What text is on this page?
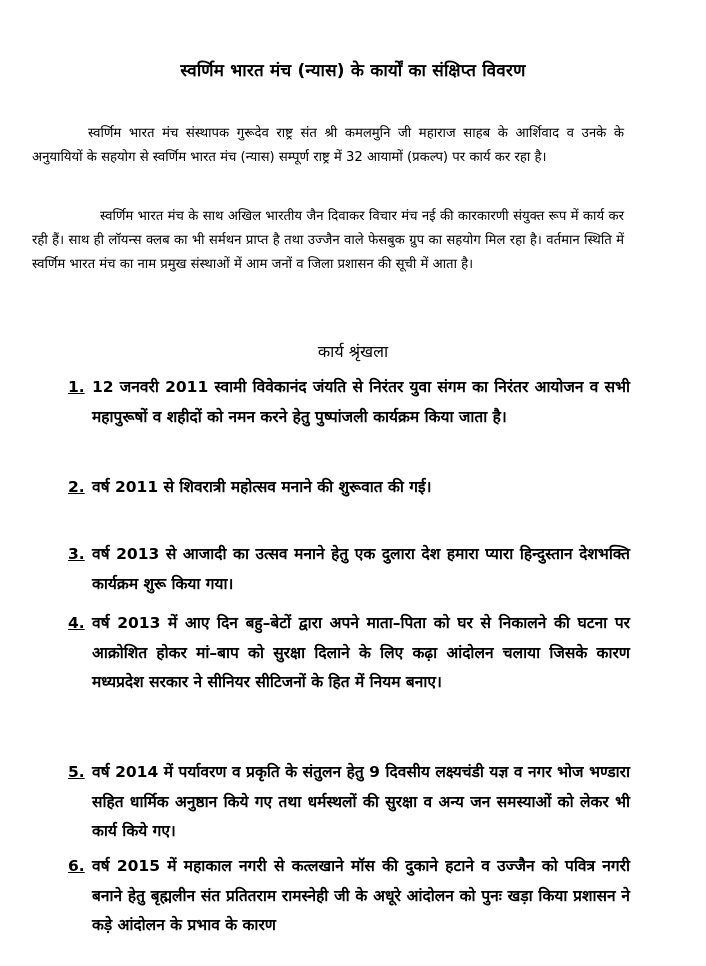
स्वर्णिम भारत मंच (न्यास) के कार्यों का संक्षिप्त विवरण
स्वर्णिम भारत मंच संस्थापक गुरूदेव राष्ट्र संत श्री कमलमुनि जी महाराज साहब के आर्शिवाद व उनके के अनुयायियों के सहयोग से स्वर्णिम भारत मंच (न्यास) सम्पूर्ण राष्ट्र में 32 आयामों (प्रकल्प) पर कार्य कर रहा है।
स्वर्णिम भारत मंच के साथ अखिल भारतीय जैन दिवाकर विचार मंच नई की कारकारणी संयुक्त रूप में कार्य कर रही हैं। साथ ही लॉयन्स क्लब का भी सर्मथन प्राप्त है तथा उज्जैन वाले फेसबुक ग्रुप का सहयोग मिल रहा है। वर्तमान स्थिति में स्वर्णिम भारत मंच का नाम प्रमुख संस्थाओं में आम जनों व जिला प्रशासन की सूची में आता है।
कार्य श्रृंखला
1. 12 जनवरी 2011 स्वामी विवेकानंद जंयति से निरंतर युवा संगम का निरंतर आयोजन व सभी महापुरूषों व शहीदों को नमन करने हेतु पुष्पांजली कार्यक्रम किया जाता है।
2. वर्ष 2011 से शिवरात्री महोत्सव मनाने की शुरूवात की गई।
3. वर्ष 2013 से आजादी का उत्सव मनाने हेतु एक दुलारा देश हमारा प्यारा हिन्दुस्तान देशभक्ति कार्यक्रम शुरू किया गया।
4. वर्ष 2013 में आए दिन बहु–बेटों द्वारा अपने माता–पिता को घर से निकालने की घटना पर आक्रोशित होकर मां–बाप को सुरक्षा दिलाने के लिए कढ़ा आंदोलन चलाया जिसके कारण मध्यप्रदेश सरकार ने सीनियर सीटिजनों के हित में नियम बनाए।
5. वर्ष 2014 में पर्यावरण व प्रकृति के संतुलन हेतु 9 दिवसीय लक्ष्यचंडी यज्ञ व नगर भोज भण्डारा सहित धार्मिक अनुष्ठान किये गए तथा धर्मस्थलों की सुरक्षा व अन्य जन समस्याओं को लेकर भी कार्य किये गए।
6. वर्ष 2015 में महाकाल नगरी से कत्लखाने मॉस की दुकाने हटाने व उज्जैन को पवित्र नगरी बनाने हेतु बृह्मलीन संत प्रतितराम रामस्नेही जी के अधूरे आंदोलन को पुनः खड़ा किया प्रशासन ने कड़े आंदोलन के प्रभाव के कारण
